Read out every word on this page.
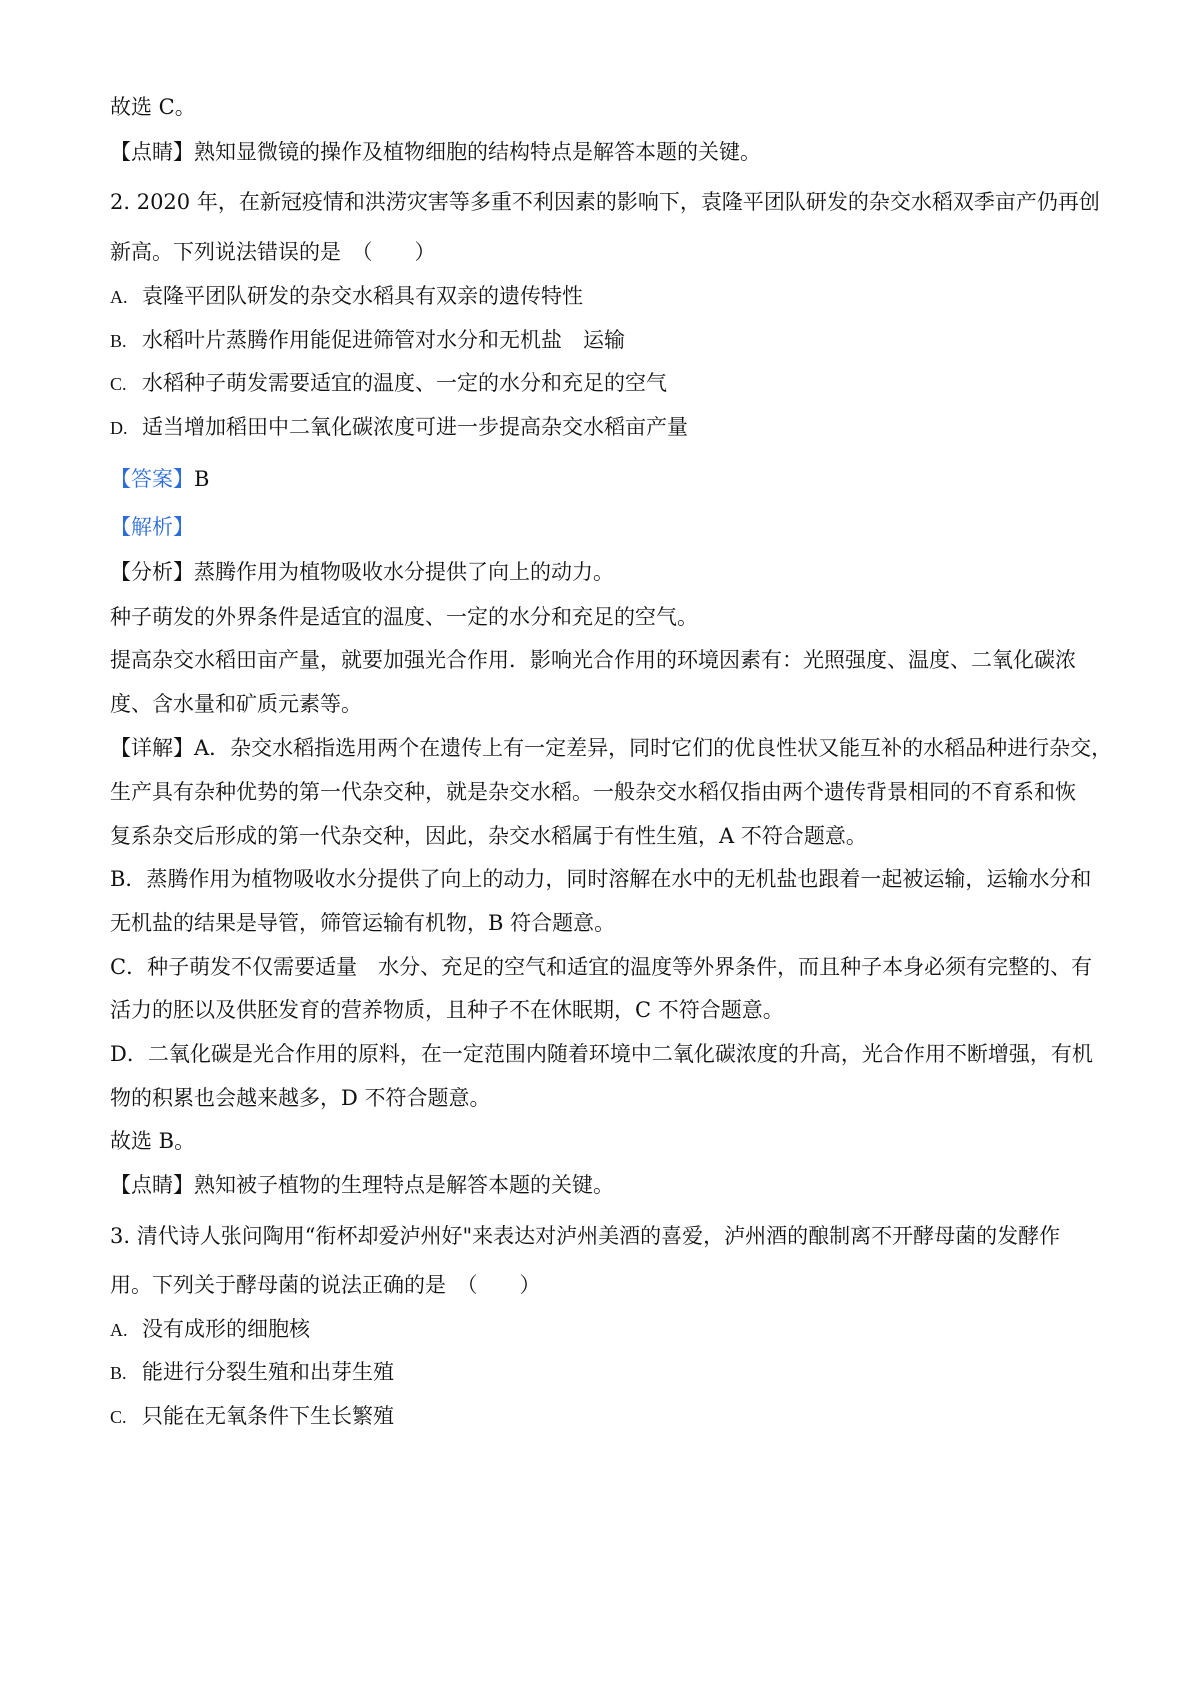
故选 C。
【点睛】熟知显微镜的操作及植物细胞的结构特点是解答本题的关键。
2. 2020 年，在新冠疫情和洪涝灾害等多重不利因素的影响下，袁隆平团队研发的杂交水稻双季亩产仍再创
新高。下列说法错误的是　（　　）
A. 袁隆平团队研发的杂交水稻具有双亲的遗传特性
B. 水稻叶片蒸腾作用能促进筛管对水分和无机盐　运输
C. 水稻种子萌发需要适宜的温度、一定的水分和充足的空气
D. 适当增加稻田中二氧化碳浓度可进一步提高杂交水稻亩产量
【答案】B
【解析】
【分析】蒸腾作用为植物吸收水分提供了向上的动力。
种子萌发的外界条件是适宜的温度、一定的水分和充足的空气。
提高杂交水稻田亩产量，就要加强光合作用．影响光合作用的环境因素有：光照强度、温度、二氧化碳浓
度、含水量和矿质元素等。
【详解】A．杂交水稻指选用两个在遗传上有一定差异，同时它们的优良性状又能互补的水稻品种进行杂交，
生产具有杂种优势的第一代杂交种，就是杂交水稻。一般杂交水稻仅指由两个遗传背景相同的不育系和恢
复系杂交后形成的第一代杂交种，因此，杂交水稻属于有性生殖，A 不符合题意。
B．蒸腾作用为植物吸收水分提供了向上的动力，同时溶解在水中的无机盐也跟着一起被运输，运输水分和
无机盐的结果是导管，筛管运输有机物，B 符合题意。
C．种子萌发不仅需要适量　水分、充足的空气和适宜的温度等外界条件，而且种子本身必须有完整的、有
活力的胚以及供胚发育的营养物质，且种子不在休眠期，C 不符合题意。
D．二氧化碳是光合作用的原料，在一定范围内随着环境中二氧化碳浓度的升高，光合作用不断增强，有机
物的积累也会越来越多，D 不符合题意。
故选 B。
【点睛】熟知被子植物的生理特点是解答本题的关键。
3. 清代诗人张问陶用“衔杯却爱泸州好"来表达对泸州美酒的喜爱，泸州酒的酿制离不开酵母菌的发酵作
用。下列关于酵母菌的说法正确的是　（　　）
A. 没有成形的细胞核
B. 能进行分裂生殖和出芽生殖
C. 只能在无氧条件下生长繁殖
